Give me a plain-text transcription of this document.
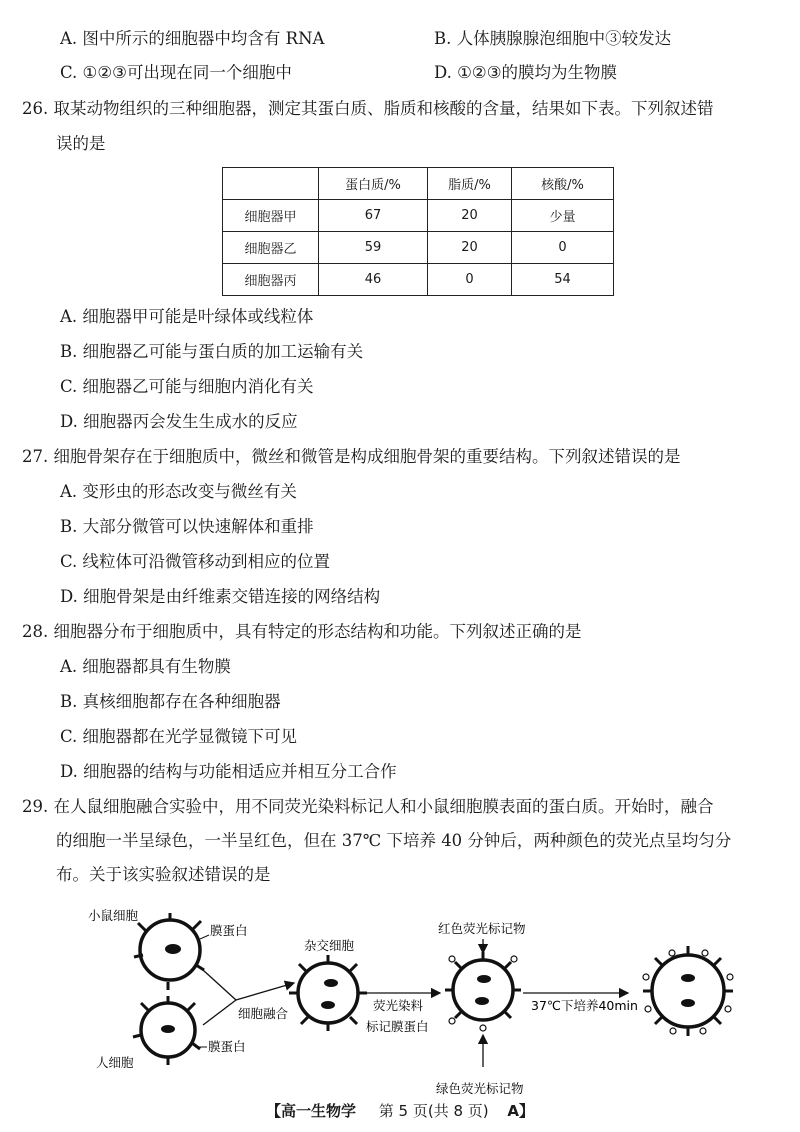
A. 图中所示的细胞器中均含有 RNA	B. 人体胰腺腺泡细胞中③较发达
C. ①②③可出现在同一个细胞中	D. ①②③的膜均为生物膜
26. 取某动物组织的三种细胞器，测定其蛋白质、脂质和核酸的含量，结果如下表。下列叙述错
误的是
	蛋白质/%	脂质/%	核酸/%
细胞器甲	67	20	少量
细胞器乙	59	20	0
细胞器丙	46	0	54
A. 细胞器甲可能是叶绿体或线粒体
B. 细胞器乙可能与蛋白质的加工运输有关
C. 细胞器乙可能与细胞内消化有关
D. 细胞器丙会发生生成水的反应
27. 细胞骨架存在于细胞质中，微丝和微管是构成细胞骨架的重要结构。下列叙述错误的是
A. 变形虫的形态改变与微丝有关
B. 大部分微管可以快速解体和重排
C. 线粒体可沿微管移动到相应的位置
D. 细胞骨架是由纤维素交错连接的网络结构
28. 细胞器分布于细胞质中，具有特定的形态结构和功能。下列叙述正确的是
A. 细胞器都具有生物膜
B. 真核细胞都存在各种细胞器
C. 细胞器都在光学显微镜下可见
D. 细胞器的结构与功能相适应并相互分工合作
29. 在人鼠细胞融合实验中，用不同荧光染料标记人和小鼠细胞膜表面的蛋白质。开始时，融合
的细胞一半呈绿色，一半呈红色，但在 37℃ 下培养 40 分钟后，两种颜色的荧光点呈均匀分
布。关于该实验叙述错误的是
小鼠细胞
膜蛋白
杂交细胞
细胞融合
膜蛋白
人细胞
荧光染料
标记膜蛋白
红色荧光标记物
绿色荧光标记物
37℃下培养40min
【高一生物学 第 5 页(共 8 页) A】
